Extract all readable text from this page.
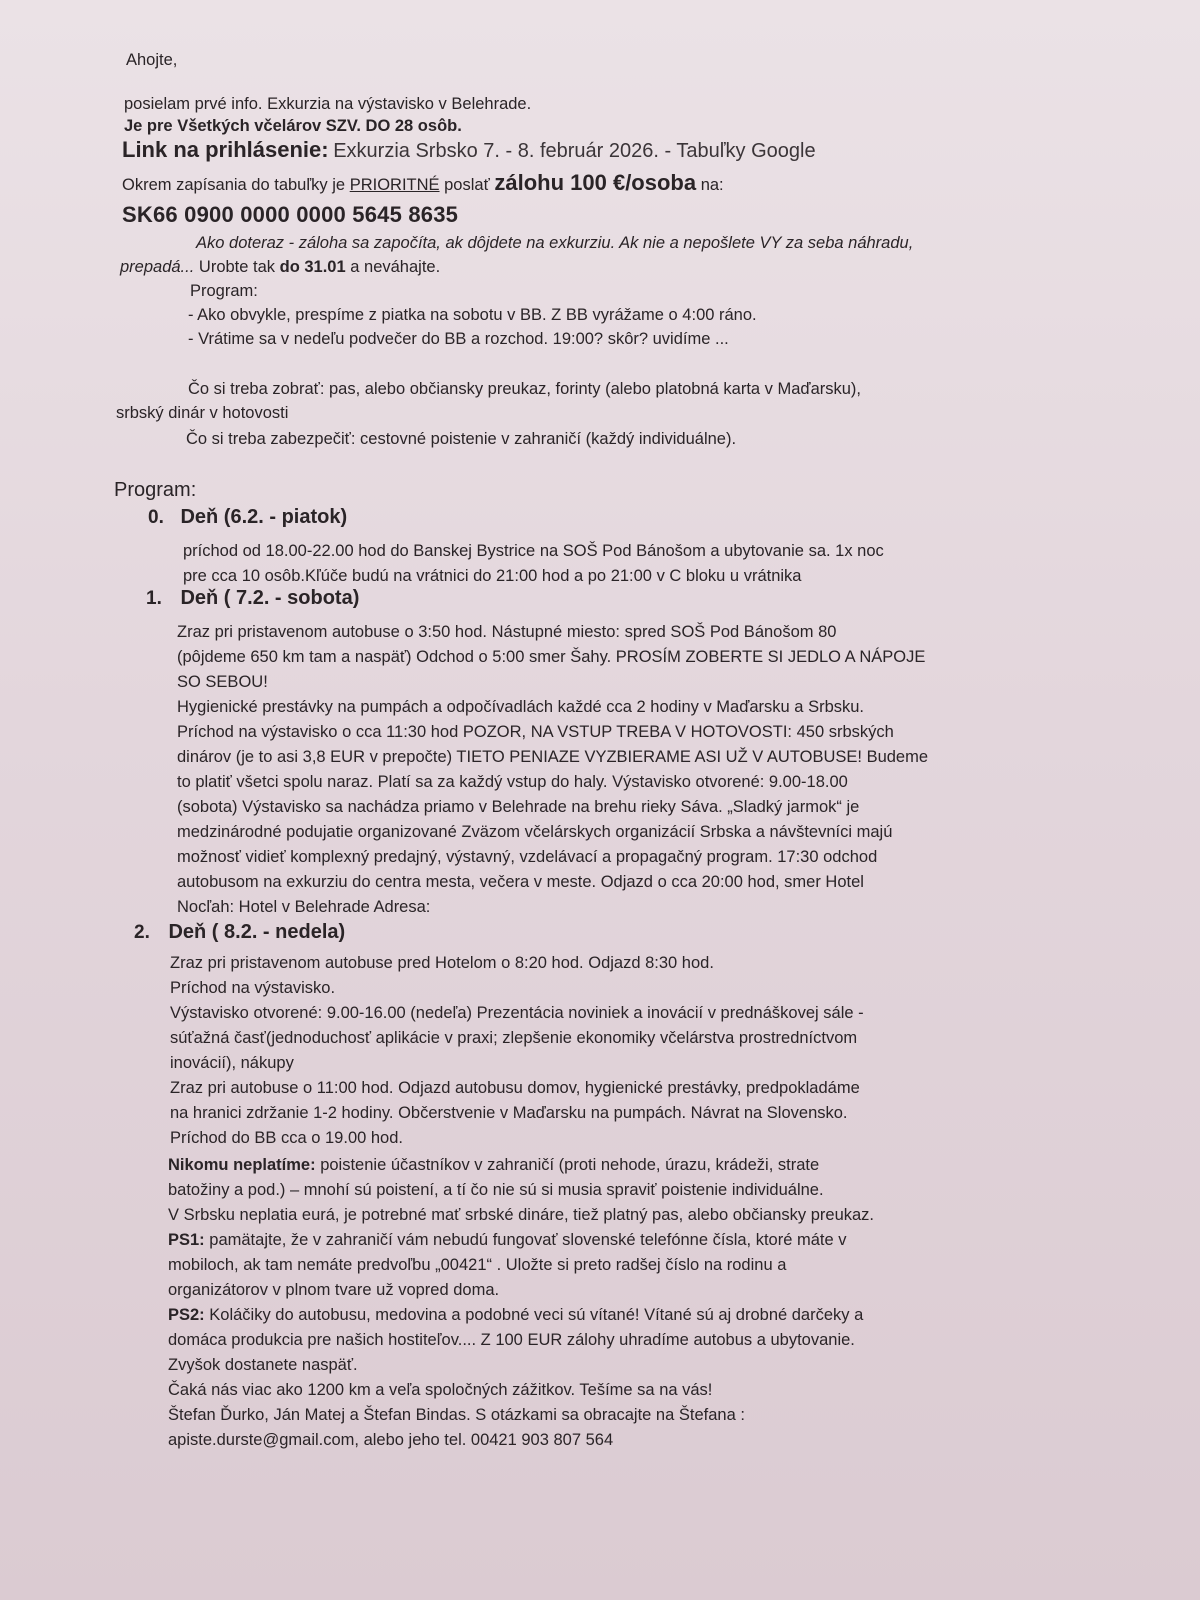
Ahojte,
posielam prvé info. Exkurzia na výstavisko v Belehrade.
Je pre Všetkých včelárov SZV. DO 28 osôb.
Link na prihlásenie: Exkurzia Srbsko 7. - 8. február 2026. - Tabuľky Google
Okrem zapísania do tabuľky je PRIORITNÉ poslať zálohu 100 €/osoba na:
SK66 0900 0000 0000 5645 8635
Ako doteraz - záloha sa započíta, ak dôjdete na exkurziu. Ak nie a nepošlete VY za seba náhradu,
prepadá... Urobte tak do 31.01 a neváhajte.
Program:
- Ako obvykle, prespíme z piatka na sobotu v BB. Z BB vyrážame o 4:00 ráno.
- Vrátime sa v nedeľu podvečer do BB a rozchod. 19:00? skôr? uvidíme ...
Čo si treba zobrať: pas, alebo občiansky preukaz, forinty (alebo platobná karta v Maďarsku),
srbský dinár v hotovosti
Čo si treba zabezpečiť: cestovné poistenie v zahraničí (každý individuálne).
Program:
0. Deň (6.2. - piatok)
príchod od 18.00-22.00 hod do Banskej Bystrice na SOŠ Pod Bánošom a ubytovanie sa. 1x noc
pre cca 10 osôb.Kľúče budú na vrátnici do 21:00 hod a po 21:00 v C bloku u vrátnika
1. Deň ( 7.2. - sobota)
Zraz pri pristavenom autobuse o 3:50 hod. Nástupné miesto: spred SOŠ Pod Bánošom 80
(pôjdeme 650 km tam a naspäť) Odchod o 5:00 smer Šahy. PROSÍM ZOBERTE SI JEDLO A NÁPOJE
SO SEBOU!
Hygienické prestávky na pumpách a odpočívadlách každé cca 2 hodiny v Maďarsku a Srbsku.
Príchod na výstavisko o cca 11:30 hod POZOR, NA VSTUP TREBA V HOTOVOSTI: 450 srbských
dinárov (je to asi 3,8 EUR v prepočte) TIETO PENIAZE VYZBIERAME ASI UŽ V AUTOBUSE! Budeme
to platiť všetci spolu naraz. Platí sa za každý vstup do haly. Výstavisko otvorené: 9.00-18.00
(sobota) Výstavisko sa nachádza priamo v Belehrade na brehu rieky Sáva. „Sladký jarmok“ je
medzinárodné podujatie organizované Zväzom včelárskych organizácií Srbska a návštevníci majú
možnosť vidieť komplexný predajný, výstavný, vzdelávací a propagačný program. 17:30 odchod
autobusom na exkurziu do centra mesta, večera v meste. Odjazd o cca 20:00 hod, smer Hotel
Nocľah: Hotel v Belehrade Adresa:
2. Deň ( 8.2. - nedela)
Zraz pri pristavenom autobuse pred Hotelom o 8:20 hod. Odjazd 8:30 hod.
Príchod na výstavisko.
Výstavisko otvorené: 9.00-16.00 (nedeľa) Prezentácia noviniek a inovácií v prednáškovej sále -
súťažná časť(jednoduchosť aplikácie v praxi; zlepšenie ekonomiky včelárstva prostredníctvom
inovácií), nákupy
Zraz pri autobuse o 11:00 hod. Odjazd autobusu domov, hygienické prestávky, predpokladáme
na hranici zdržanie 1-2 hodiny. Občerstvenie v Maďarsku na pumpách. Návrat na Slovensko.
Príchod do BB cca o 19.00 hod.
Nikomu neplatíme: poistenie účastníkov v zahraničí (proti nehode, úrazu, krádeži, strate
batožiny a pod.) – mnohí sú poistení, a tí čo nie sú si musia spraviť poistenie individuálne.
V Srbsku neplatia eurá, je potrebné mať srbské dináre, tiež platný pas, alebo občiansky preukaz.
PS1: pamätajte, že v zahraničí vám nebudú fungovať slovenské telefónne čísla, ktoré máte v
mobiloch, ak tam nemáte predvoľbu „00421“ . Uložte si preto radšej číslo na rodinu a
organizátorov v plnom tvare už vopred doma.
PS2: Koláčiky do autobusu, medovina a podobné veci sú vítané! Vítané sú aj drobné darčeky a
domáca produkcia pre našich hostiteľov.... Z 100 EUR zálohy uhradíme autobus a ubytovanie.
Zvyšok dostanete naspäť.
Čaká nás viac ako 1200 km a veľa spoločných zážitkov. Tešíme sa na vás!
Štefan Ďurko, Ján Matej a Štefan Bindas. S otázkami sa obracajte na Štefana :
apiste.durste@gmail.com, alebo jeho tel. 00421 903 807 564
